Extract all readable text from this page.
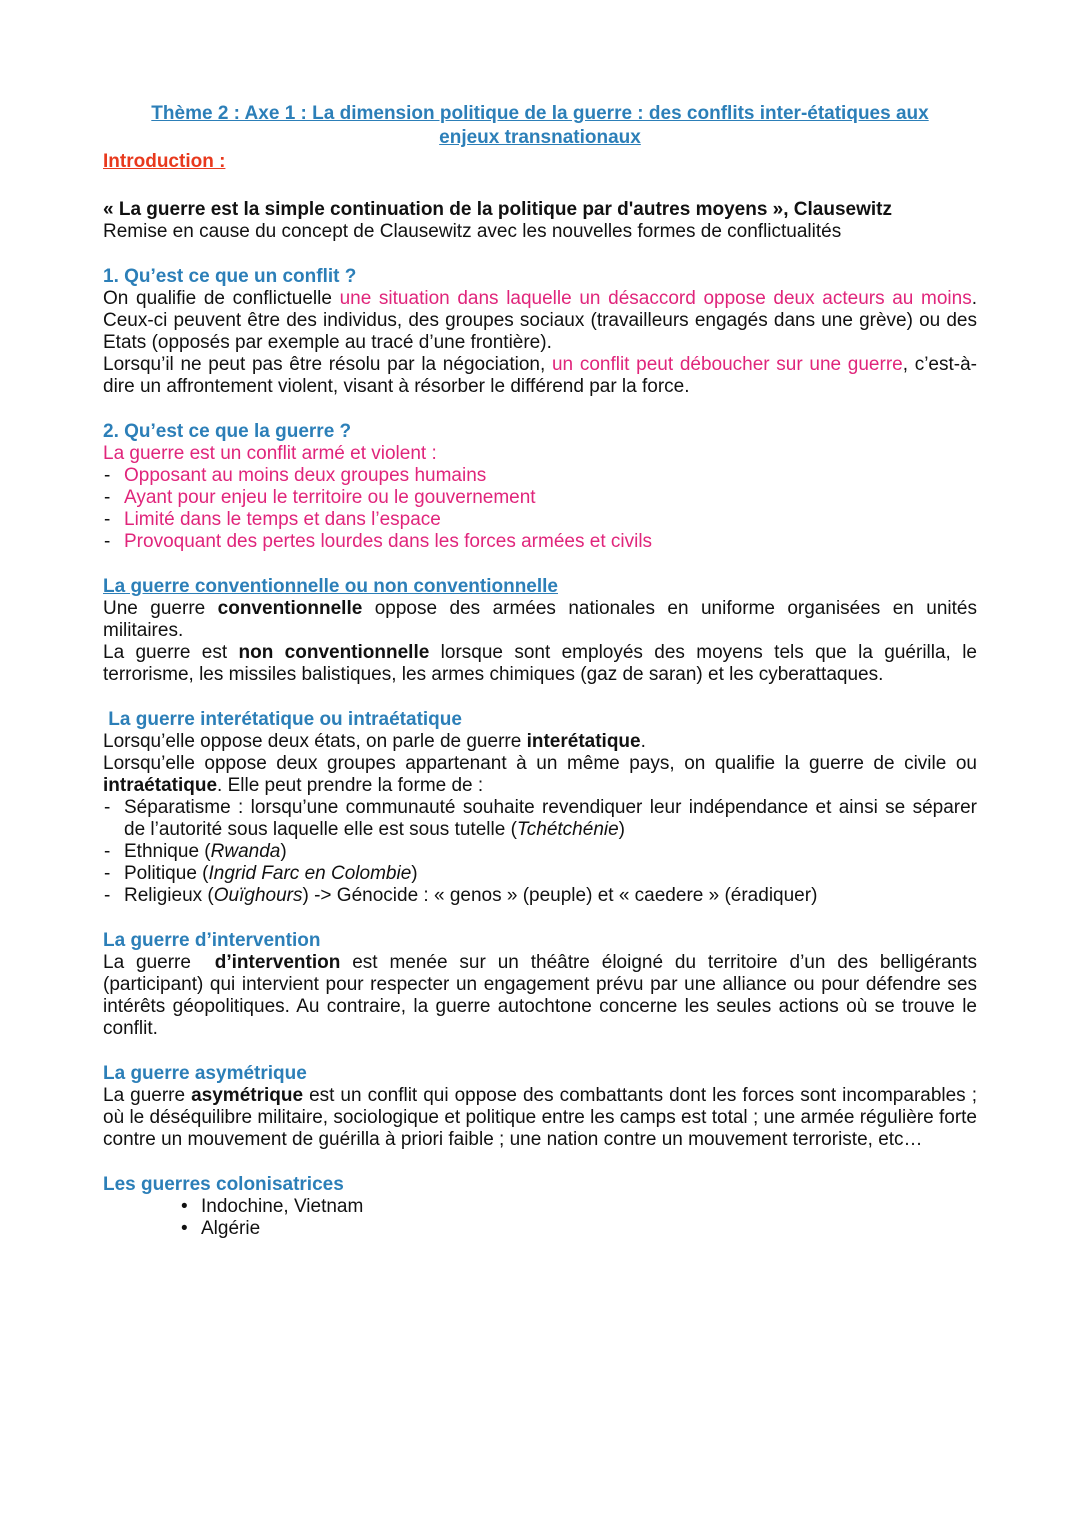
Thème 2 : Axe 1 : La dimension politique de la guerre : des conflits inter-étatiques aux
enjeux transnationaux

Introduction :

« La guerre est la simple continuation de la politique par d'autres moyens », Clausewitz

Remise en cause du concept de Clausewitz avec les nouvelles formes de conflictualités

1. Qu’est ce que un conflit ?

On qualifie de conflictuelle une situation dans laquelle un désaccord oppose deux acteurs au moins. Ceux-ci peuvent être des individus, des groupes sociaux (travailleurs engagés dans une grève) ou des Etats (opposés par exemple au tracé d’une frontière).

Lorsqu’il ne peut pas être résolu par la négociation, un conflit peut déboucher sur une guerre, c’est-à-dire un affrontement violent, visant à résorber le différend par la force.

2. Qu’est ce que la guerre ?

La guerre est un conflit armé et violent :

- Opposant au moins deux groupes humains
- Ayant pour enjeu le territoire ou le gouvernement
- Limité dans le temps et dans l’espace
- Provoquant des pertes lourdes dans les forces armées et civils
La guerre conventionnelle ou non conventionnelle

Une guerre conventionnelle oppose des armées nationales en uniforme organisées en unités militaires.

La guerre est non conventionnelle lorsque sont employés des moyens tels que la guérilla, le terrorisme, les missiles balistiques, les armes chimiques (gaz de saran) et les cyberattaques.

La guerre interétatique ou intraétatique

Lorsqu’elle oppose deux états, on parle de guerre interétatique.

Lorsqu’elle oppose deux groupes appartenant à un même pays, on qualifie la guerre de civile ou intraétatique. Elle peut prendre la forme de :

- Séparatisme : lorsqu’une communauté souhaite revendiquer leur indépendance et ainsi se séparer de l’autorité sous laquelle elle est sous tutelle (Tchétchénie)
- Ethnique (Rwanda)
- Politique (Ingrid Farc en Colombie)
- Religieux (Ouïghours) -> Génocide : « genos » (peuple) et « caedere » (éradiquer)
La guerre d’intervention

La guerre  d’intervention est menée sur un théâtre éloigné du territoire d’un des belligérants (participant) qui intervient pour respecter un engagement prévu par une alliance ou pour défendre ses intérêts géopolitiques. Au contraire, la guerre autochtone concerne les seules actions où se trouve le conflit.

La guerre asymétrique

La guerre asymétrique est un conflit qui oppose des combattants dont les forces sont incomparables ; où le déséquilibre militaire, sociologique et politique entre les camps est total ; une armée régulière forte contre un mouvement de guérilla à priori faible ; une nation contre un mouvement terroriste, etc…

Les guerres colonisatrices
• Indochine, Vietnam
• Algérie
